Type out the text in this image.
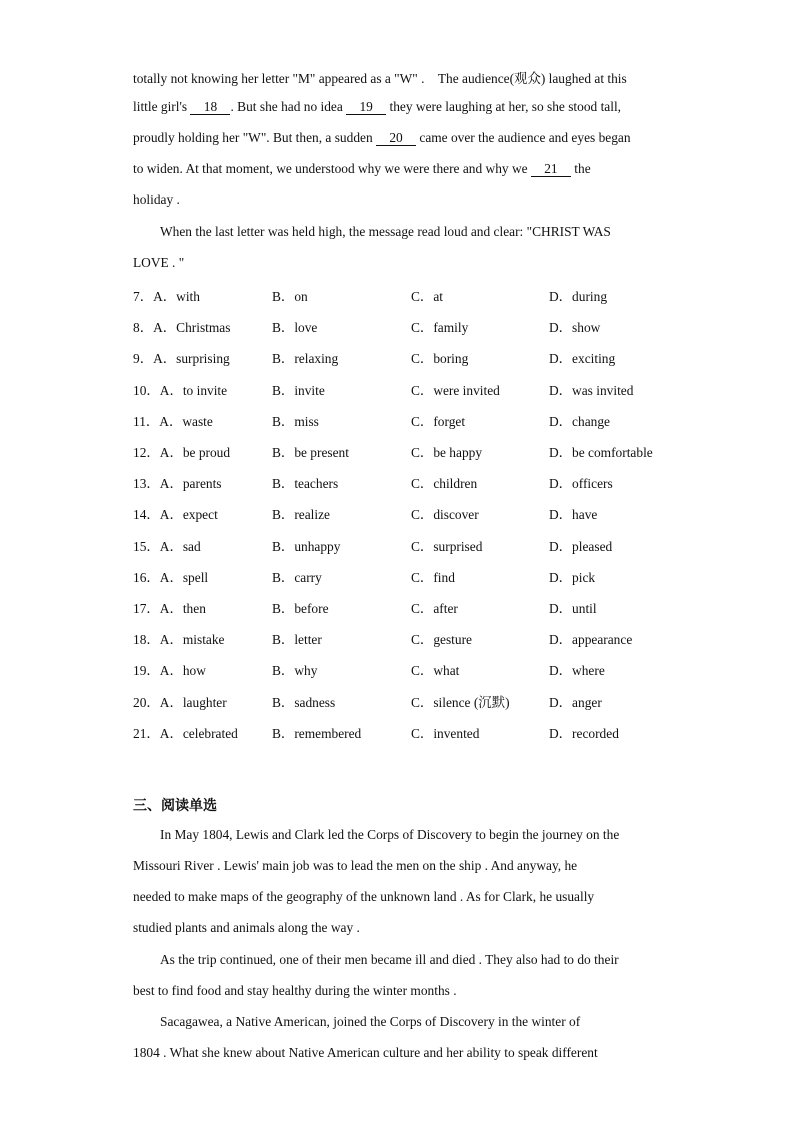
totally not knowing her letter "M" appeared as a "W" . The audience(观众) laughed at this
little girl's 18 . But she had no idea 19 they were laughing at her, so she stood tall,
proudly holding her "W". But then, a sudden 20 came over the audience and eyes began
to widen. At that moment, we understood why we were there and why we 21 the
holiday .
When the last letter was held high, the message read loud and clear: "CHRIST WAS
LOVE . "
7．A．with	B．on	C．at	D．during
8．A．Christmas	B．love	C．family	D．show
9．A．surprising	B．relaxing	C．boring	D．exciting
10．A．to invite	B．invite	C．were invited	D．was invited
11．A．waste	B．miss	C．forget	D．change
12．A．be proud	B．be present	C．be happy	D．be comfortable
13．A．parents	B．teachers	C．children	D．officers
14．A．expect	B．realize	C．discover	D．have
15．A．sad	B．unhappy	C．surprised	D．pleased
16．A．spell	B．carry	C．find	D．pick
17．A．then	B．before	C．after	D．until
18．A．mistake	B．letter	C．gesture	D．appearance
19．A．how	B．why	C．what	D．where
20．A．laughter	B．sadness	C．silence (沉默)	D．anger
21．A．celebrated	B．remembered	C．invented	D．recorded
三、阅读单选
In May 1804, Lewis and Clark led the Corps of Discovery to begin the journey on the
Missouri River . Lewis' main job was to lead the men on the ship . And anyway, he
needed to make maps of the geography of the unknown land . As for Clark, he usually
studied plants and animals along the way .
As the trip continued, one of their men became ill and died . They also had to do their
best to find food and stay healthy during the winter months .
Sacagawea, a Native American, joined the Corps of Discovery in the winter of
1804 . What she knew about Native American culture and her ability to speak different
